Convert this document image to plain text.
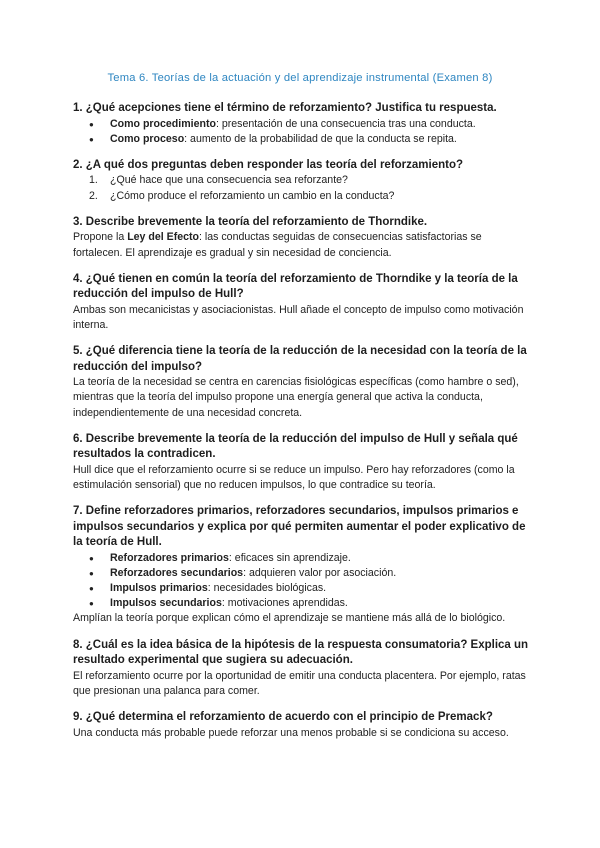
Tema 6. Teorías de la actuación y del aprendizaje instrumental (Examen 8)

1. ¿Qué acepciones tiene el término de reforzamiento? Justifica tu respuesta.

● Como procedimiento: presentación de una consecuencia tras una conducta.
● Como proceso: aumento de la probabilidad de que la conducta se repita.

2. ¿A qué dos preguntas deben responder las teoría del reforzamiento?

1. ¿Qué hace que una consecuencia sea reforzante?
2. ¿Cómo produce el reforzamiento un cambio en la conducta?

3. Describe brevemente la teoría del reforzamiento de Thorndike.

Propone la Ley del Efecto: las conductas seguidas de consecuencias satisfactorias se fortalecen. El aprendizaje es gradual y sin necesidad de conciencia.

4. ¿Qué tienen en común la teoría del reforzamiento de Thorndike y la teoría de la reducción del impulso de Hull?

Ambas son mecanicistas y asociacionistas. Hull añade el concepto de impulso como motivación interna.

5. ¿Qué diferencia tiene la teoría de la reducción de la necesidad con la teoría de la reducción del impulso?

La teoría de la necesidad se centra en carencias fisiológicas específicas (como hambre o sed), mientras que la teoría del impulso propone una energía general que activa la conducta, independientemente de una necesidad concreta.

6. Describe brevemente la teoría de la reducción del impulso de Hull y señala qué resultados la contradicen.

Hull dice que el reforzamiento ocurre si se reduce un impulso. Pero hay reforzadores (como la estimulación sensorial) que no reducen impulsos, lo que contradice su teoría.

7. Define reforzadores primarios, reforzadores secundarios, impulsos primarios e impulsos secundarios y explica por qué permiten aumentar el poder explicativo de la teoría de Hull.

● Reforzadores primarios: eficaces sin aprendizaje.
● Reforzadores secundarios: adquieren valor por asociación.
● Impulsos primarios: necesidades biológicas.
● Impulsos secundarios: motivaciones aprendidas.

Amplían la teoría porque explican cómo el aprendizaje se mantiene más allá de lo biológico.

8. ¿Cuál es la idea básica de la hipótesis de la respuesta consumatoria? Explica un resultado experimental que sugiera su adecuación.

El reforzamiento ocurre por la oportunidad de emitir una conducta placentera. Por ejemplo, ratas que presionan una palanca para comer.

9. ¿Qué determina el reforzamiento de acuerdo con el principio de Premack?

Una conducta más probable puede reforzar una menos probable si se condiciona su acceso.
